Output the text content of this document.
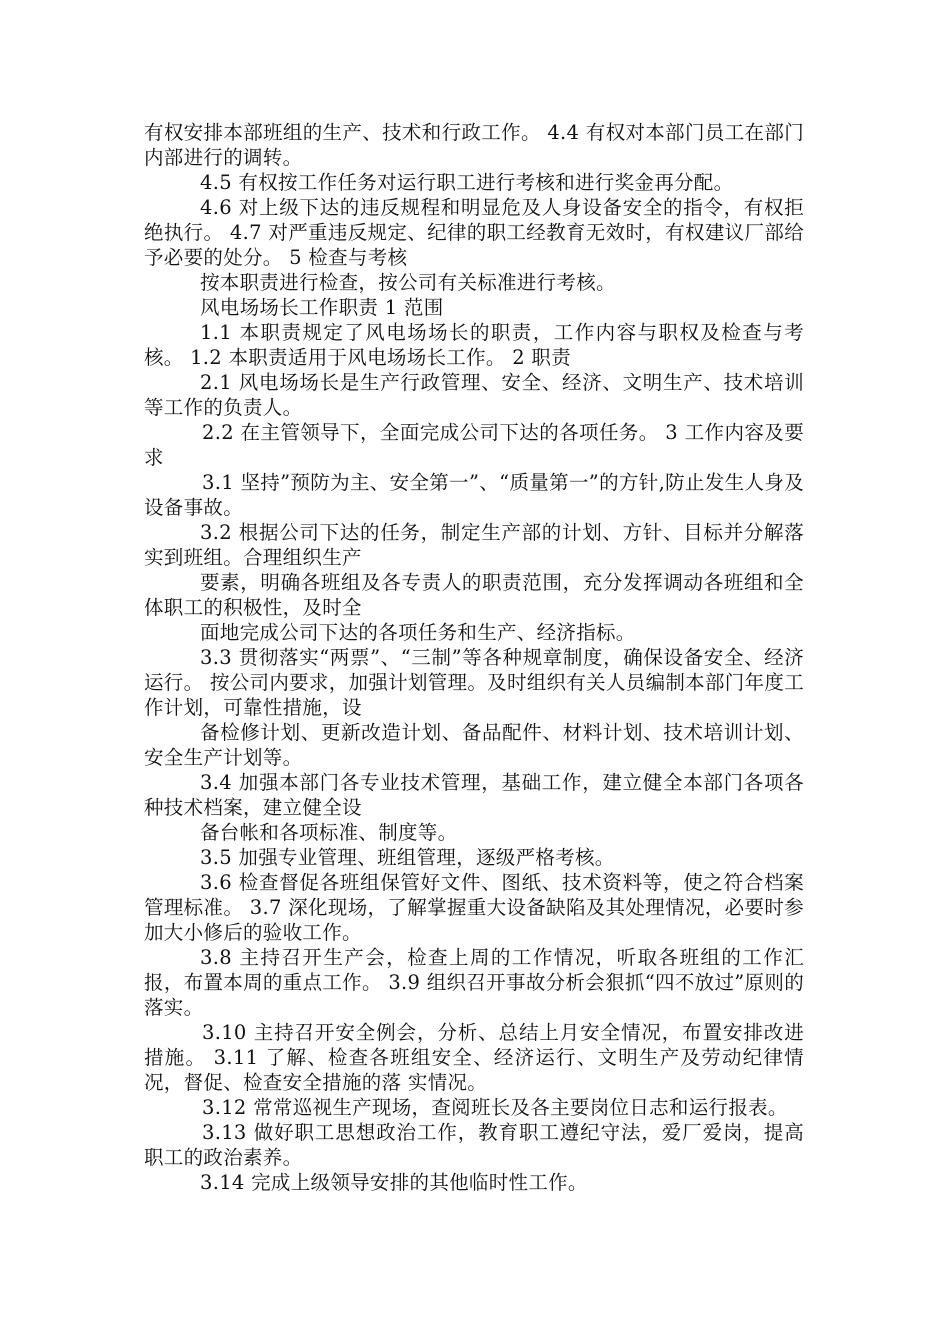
有权安排本部班组的生产、技术和行政工作。 4.4 有权对本部门员工在部门内部进行的调转。

4.5 有权按工作任务对运行职工进行考核和进行奖金再分配。

4.6 对上级下达的违反规程和明显危及人身设备安全的指令，有权拒绝执行。 4.7 对严重违反规定、纪律的职工经教育无效时，有权建议厂部给予必要的处分。 5 检查与考核

按本职责进行检查，按公司有关标准进行考核。

风电场场长工作职责 1 范围

1.1 本职责规定了风电场场长的职责，工作内容与职权及检查与考核。 1.2 本职责适用于风电场场长工作。 2 职责

2.1 风电场场长是生产行政管理、安全、经济、文明生产、技术培训等工作的负责人。

2.2 在主管领导下，全面完成公司下达的各项任务。 3 工作内容及要求

3.1 坚持”预防为主、安全第一”、“质量第一”的方针,防止发生人身及设备事故。

3.2 根据公司下达的任务，制定生产部的计划、方针、目标并分解落实到班组。合理组织生产

要素，明确各班组及各专责人的职责范围，充分发挥调动各班组和全体职工的积极性，及时全

面地完成公司下达的各项任务和生产、经济指标。

3.3 贯彻落实“两票”、“三制”等各种规章制度，确保设备安全、经济运行。 按公司内要求，加强计划管理。及时组织有关人员编制本部门年度工作计划，可靠性措施，设

备检修计划、更新改造计划、备品配件、材料计划、技术培训计划、安全生产计划等。

3.4 加强本部门各专业技术管理，基础工作，建立健全本部门各项各种技术档案，建立健全设

备台帐和各项标准、制度等。

3.5 加强专业管理、班组管理，逐级严格考核。

3.6 检查督促各班组保管好文件、图纸、技术资料等，使之符合档案管理标准。 3.7 深化现场，了解掌握重大设备缺陷及其处理情况，必要时参加大小修后的验收工作。

3.8 主持召开生产会，检查上周的工作情况，听取各班组的工作汇报，布置本周的重点工作。 3.9 组织召开事故分析会狠抓“四不放过”原则的落实。

3.10 主持召开安全例会，分析、总结上月安全情况，布置安排改进措施。 3.11 了解、检查各班组安全、经济运行、文明生产及劳动纪律情况，督促、检查安全措施的落 实情况。

3.12 常常巡视生产现场，查阅班长及各主要岗位日志和运行报表。

3.13 做好职工思想政治工作，教育职工遵纪守法，爱厂爱岗，提高职工的政治素养。

3.14 完成上级领导安排的其他临时性工作。
